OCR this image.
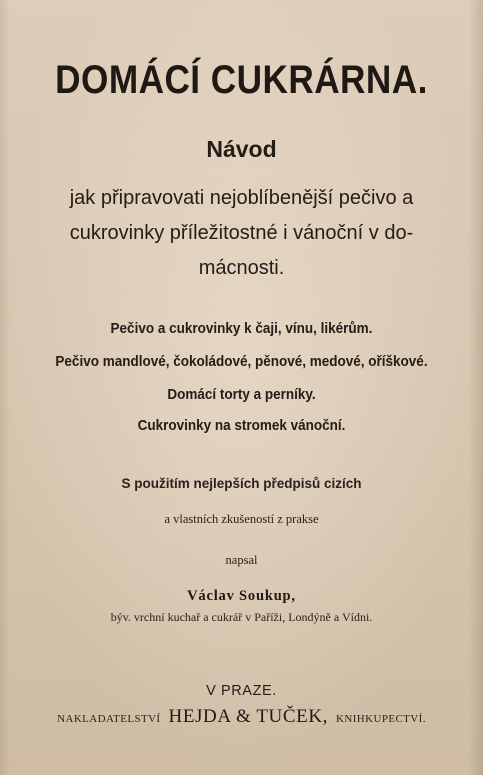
DOMÁCÍ CUKRÁRNA.
Návod
jak připravovati nejoblíbenější pečivo a
cukrovinky příležitostné i vánoční v do-
mácnosti.
Pečivo a cukrovinky k čaji, vínu, likérům.
Pečivo mandlové, čokoládové, pěnové, medové, oříškové.
Domácí torty a perníky.
Cukrovinky na stromek vánoční.
S použitím nejlepších předpisů cizích
a vlastních zkušeností z prakse
napsal
Václav Soukup,
býv. vrchní kuchař a cukrář v Paříži, Londýně a Vídni.
V PRAZE.
NAKLADATELSTVÍ HEJDA & TUČEK, KNIHKUPECTVÍ.
